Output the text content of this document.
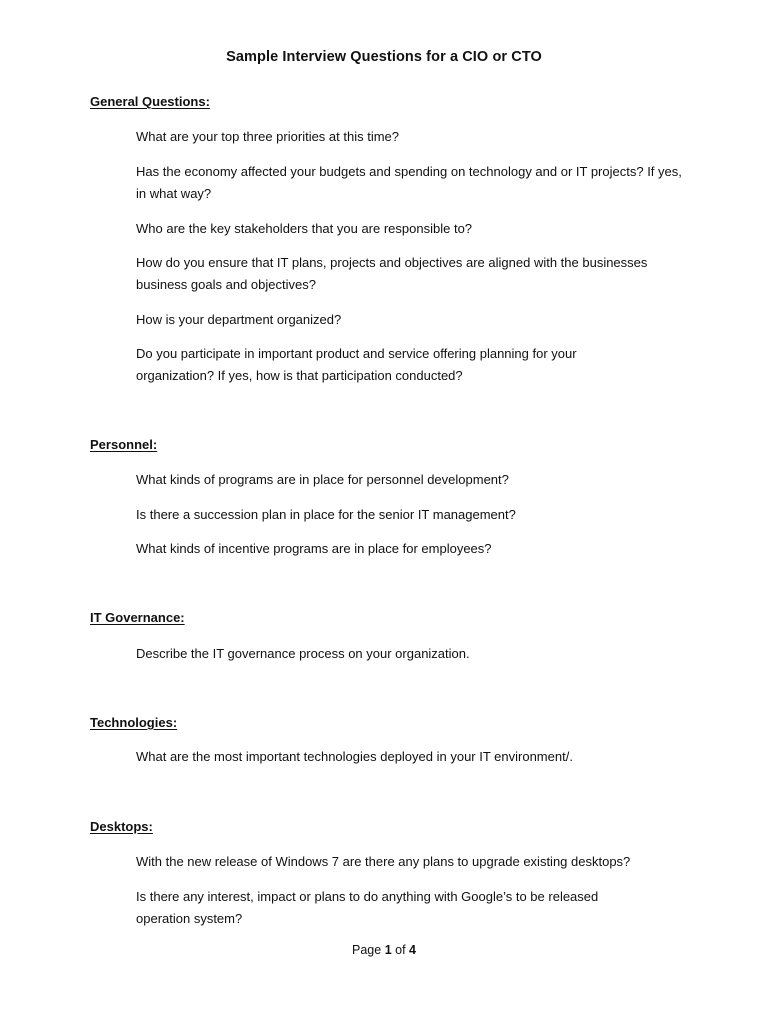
Sample Interview Questions for a CIO or CTO
General Questions:
What are your top three priorities at this time?
Has the economy affected your budgets and spending on technology and or IT projects? If yes, in what way?
Who are the key stakeholders that you are responsible to?
How do you ensure that IT plans, projects and objectives are aligned with the businesses business goals and objectives?
How is your department organized?
Do you participate in important product and service offering planning for your organization? If yes, how is that participation conducted?
Personnel:
What kinds of programs are in place for personnel development?
Is there a succession plan in place for the senior IT management?
What kinds of incentive programs are in place for employees?
IT Governance:
Describe the IT governance process on your organization.
Technologies:
What are the most important technologies deployed in your IT environment/.
Desktops:
With the new release of Windows 7 are there any plans to upgrade existing desktops?
Is there any interest, impact or plans to do anything with Google’s to be released operation system?
Page 1 of 4
